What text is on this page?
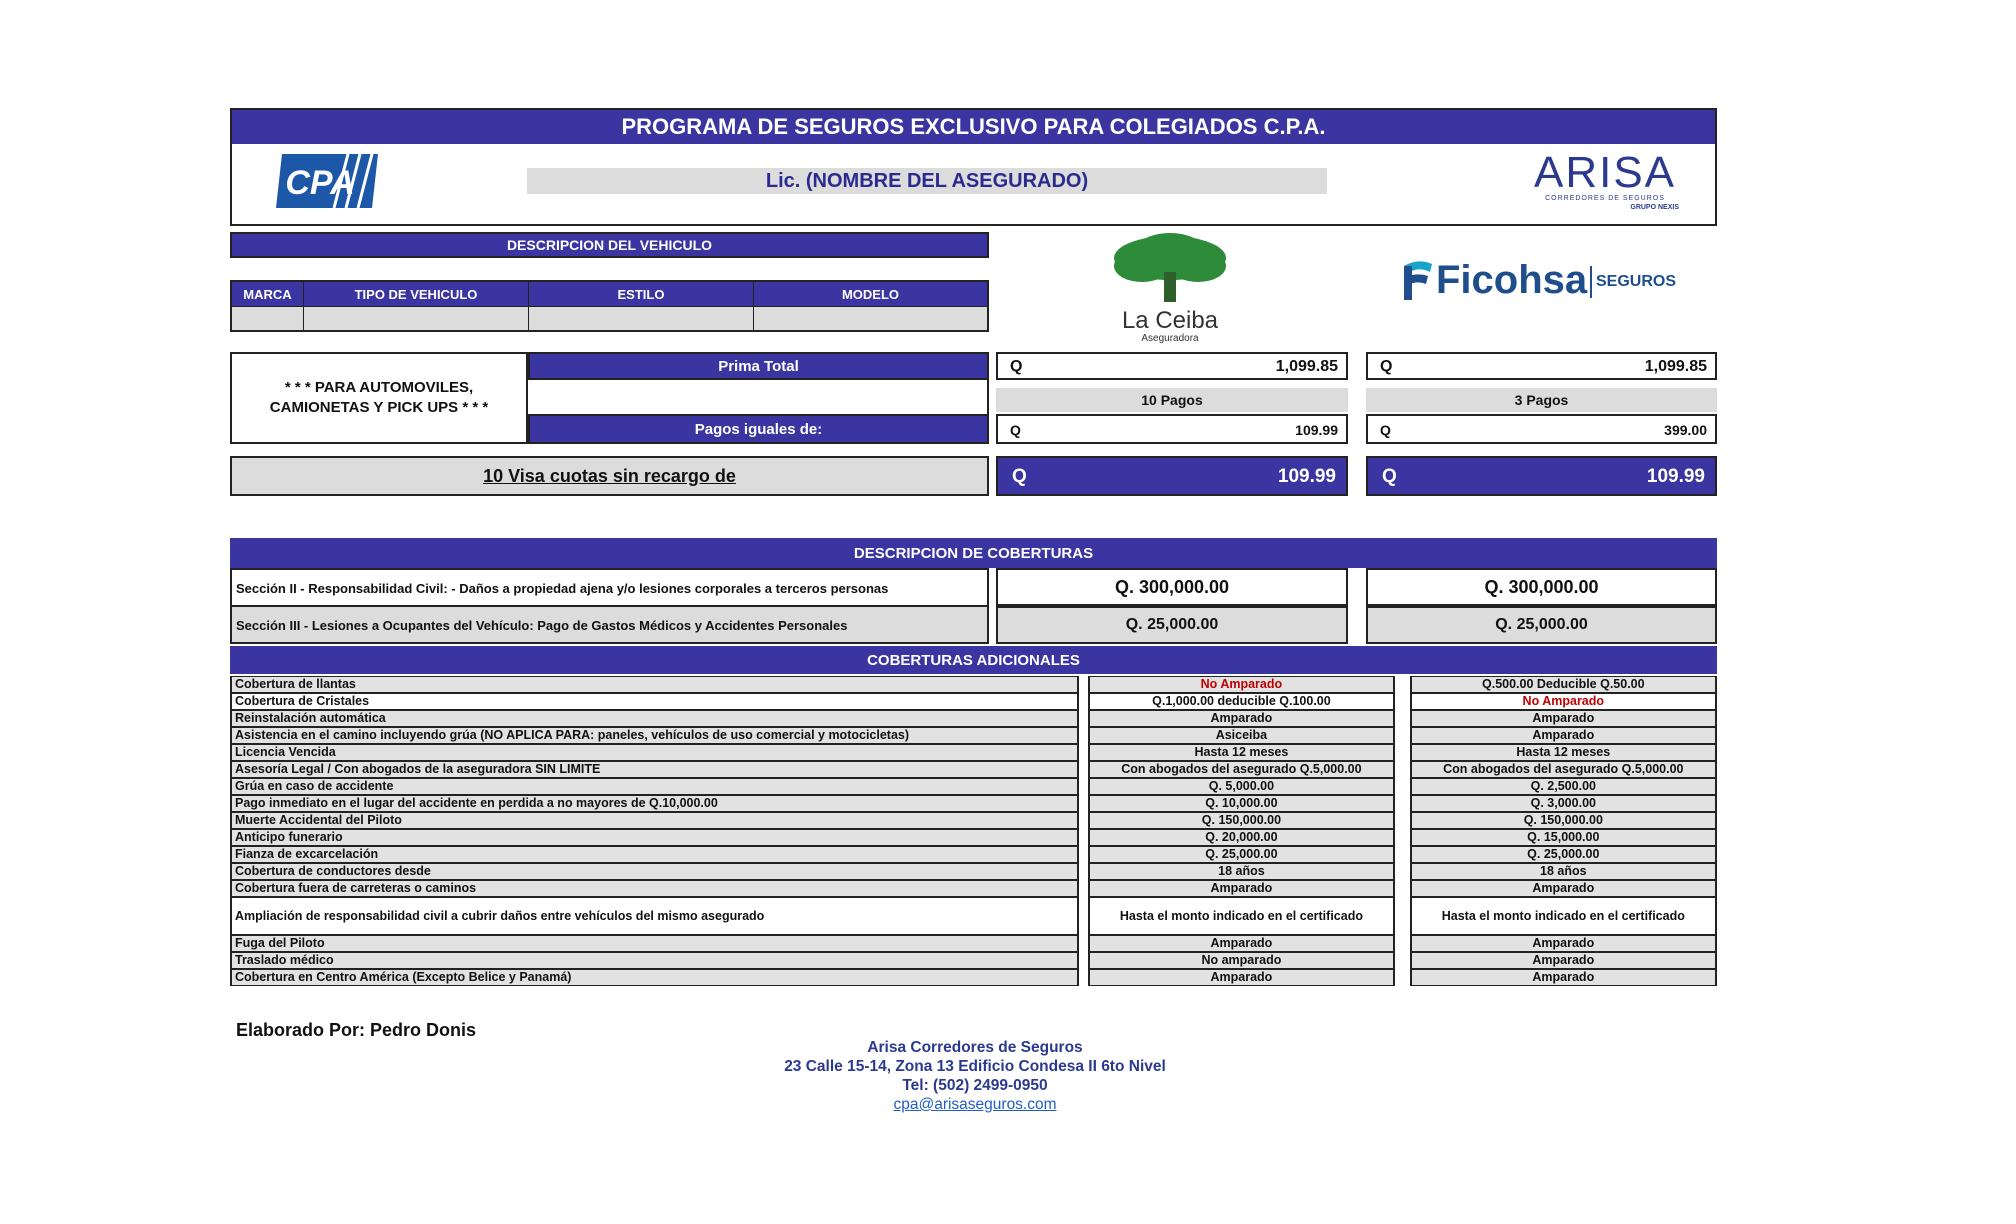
PROGRAMA DE SEGUROS EXCLUSIVO PARA COLEGIADOS C.P.A.
CPA	Lic. (NOMBRE DEL ASEGURADO)	ARISA
CORREDORES DE SEGUROS
GRUPO NEXIS
DESCRIPCION DEL VEHICULO
MARCA	TIPO DE VEHICULO	ESTILO	MODELO
La Ceiba
Aseguradora
Ficohsa SEGUROS
* * * PARA AUTOMOVILES, CAMIONETAS Y PICK UPS * * *
Prima Total
Pagos iguales de:
Q	1,099.85
10 Pagos
Q	109.99
Q	1,099.85
3 Pagos
Q	399.00
10 Visa cuotas sin recargo de	Q	109.99 Q	109.99
DESCRIPCION DE COBERTURAS
Sección II - Responsabilidad Civil: - Daños a propiedad ajena y/o lesiones corporales a terceros personas	Q. 300,000.00	Q. 300,000.00
Sección III - Lesiones a Ocupantes del Vehículo: Pago de Gastos Médicos y Accidentes Personales	Q. 25,000.00	Q. 25,000.00
COBERTURAS ADICIONALES
Cobertura de llantas		No Amparado		Q.500.00 Deducible Q.50.00
Cobertura de Cristales		Q.1,000.00 deducible Q.100.00		No Amparado
Reinstalación automática		Amparado		Amparado
Asistencia en el camino incluyendo grúa (NO APLICA PARA: paneles, vehículos de uso comercial y motocicletas)		Asiceiba		Amparado
Licencia Vencida		Hasta 12 meses		Hasta 12 meses
Asesoría Legal / Con abogados de la aseguradora SIN LIMITE		Con abogados del asegurado Q.5,000.00		Con abogados del asegurado Q.5,000.00
Grúa en caso de accidente		Q. 5,000.00		Q. 2,500.00
Pago inmediato en el lugar del accidente en perdida a no mayores de Q.10,000.00		Q. 10,000.00		Q. 3,000.00
Muerte Accidental del Piloto		Q. 150,000.00		Q. 150,000.00
Anticipo funerario		Q. 20,000.00		Q. 15,000.00
Fianza de excarcelación		Q. 25,000.00		Q. 25,000.00
Cobertura de conductores desde		18 años		18 años
Cobertura fuera de carreteras o caminos		Amparado		Amparado
Ampliación de responsabilidad civil a cubrir daños entre vehículos del mismo asegurado		Hasta el monto indicado en el certificado		Hasta el monto indicado en el certificado
Fuga del Piloto		Amparado		Amparado
Traslado médico		No amparado		Amparado
Cobertura en Centro América (Excepto Belice y Panamá)		Amparado		Amparado
Elaborado Por: Pedro Donis
Arisa Corredores de Seguros
23 Calle 15-14, Zona 13 Edificio Condesa II 6to Nivel
Tel: (502) 2499-0950
cpa@arisaseguros.com
